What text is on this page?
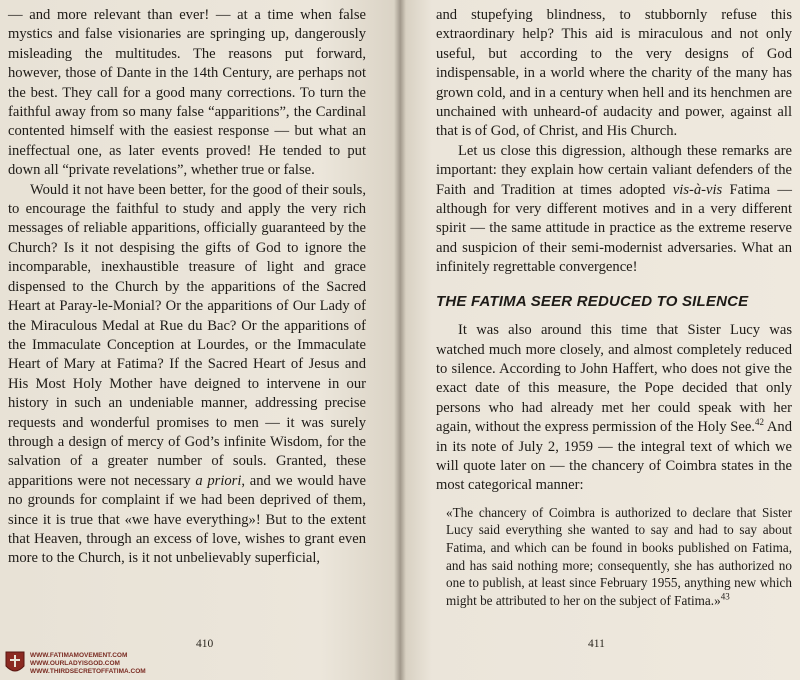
— and more relevant than ever! — at a time when false mystics and false visionaries are springing up, dangerously misleading the multitudes. The reasons put forward, however, those of Dante in the 14th Century, are perhaps not the best. They call for a good many corrections. To turn the faithful away from so many false “apparitions”, the Cardinal contented himself with the easiest response — but what an ineffectual one, as later events proved! He tended to put down all “private revelations”, whether true or false.

Would it not have been better, for the good of their souls, to encourage the faithful to study and apply the very rich messages of reliable apparitions, officially guaranteed by the Church? Is it not despising the gifts of God to ignore the incomparable, inexhaustible treasure of light and grace dispensed to the Church by the apparitions of the Sacred Heart at Paray-le-Monial? Or the apparitions of Our Lady of the Miraculous Medal at Rue du Bac? Or the apparitions of the Immaculate Conception at Lourdes, or the Immaculate Heart of Mary at Fatima? If the Sacred Heart of Jesus and His Most Holy Mother have deigned to intervene in our history in such an undeniable manner, addressing precise requests and wonderful promises to men — it was surely through a design of mercy of God’s infinite Wisdom, for the salvation of a greater number of souls. Granted, these apparitions were not necessary a priori, and we would have no grounds for complaint if we had been deprived of them, since it is true that «we have everything»! But to the extent that Heaven, through an excess of love, wishes to grant even more to the Church, is it not unbelievably superficial,

410
WWW.FATIMAMOVEMENT.COM
WWW.OURLADYISGOD.COM
WWW.THIRDSECRETOFFATIMA.COM

and stupefying blindness, to stubbornly refuse this extraordinary help? This aid is miraculous and not only useful, but according to the very designs of God indispensable, in a world where the charity of the many has grown cold, and in a century when hell and its henchmen are unchained with unheard-of audacity and power, against all that is of God, of Christ, and His Church.

Let us close this digression, although these remarks are important: they explain how certain valiant defenders of the Faith and Tradition at times adopted vis-à-vis Fatima — although for very different motives and in a very different spirit — the same attitude in practice as the extreme reserve and suspicion of their semi-modernist adversaries. What an infinitely regrettable convergence!

THE FATIMA SEER REDUCED TO SILENCE

It was also around this time that Sister Lucy was watched much more closely, and almost completely reduced to silence. According to John Haffert, who does not give the exact date of this measure, the Pope decided that only persons who had already met her could speak with her again, without the express permission of the Holy See.$^{42}$ And in its note of July 2, 1959 — the integral text of which we will quote later on — the chancery of Coimbra states in the most categorical manner:

«The chancery of Coimbra is authorized to declare that Sister Lucy said everything she wanted to say and had to say about Fatima, and which can be found in books published on Fatima, and has said nothing more; consequently, she has authorized no one to publish, at least since February 1955, anything new which might be attributed to her on the subject of Fatima.»$^{43}$

411
